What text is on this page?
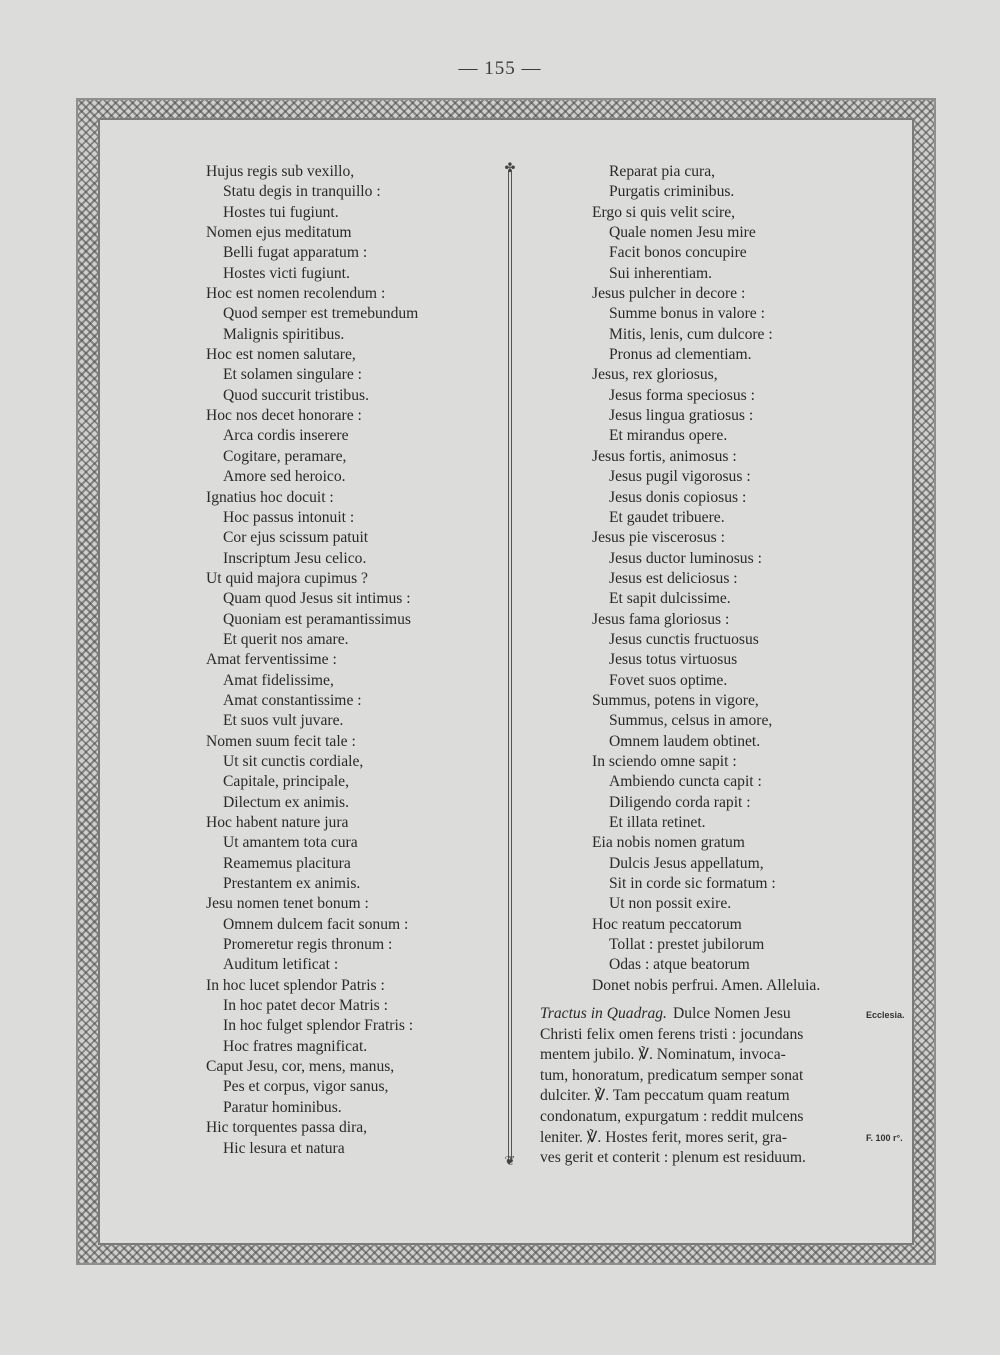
— 155 —
Hujus regis sub vexillo,
Statu degis in tranquillo :
Hostes tui fugiunt.
Nomen ejus meditatum
Belli fugat apparatum :
Hostes victi fugiunt.
Hoc est nomen recolendum :
Quod semper est tremebundum
Malignis spiritibus.
Hoc est nomen salutare,
Et solamen singulare :
Quod succurit tristibus.
Hoc nos decet honorare :
Arca cordis inserere
Cogitare, peramare,
Amore sed heroico.
Ignatius hoc docuit :
Hoc passus intonuit :
Cor ejus scissum patuit
Inscriptum Jesu celico.
Ut quid majora cupimus ?
Quam quod Jesus sit intimus :
Quoniam est peramantissimus
Et querit nos amare.
Amat ferventissime :
Amat fidelissime,
Amat constantissime :
Et suos vult juvare.
Nomen suum fecit tale :
Ut sit cunctis cordiale,
Capitale, principale,
Dilectum ex animis.
Hoc habent nature jura
Ut amantem tota cura
Reamemus placitura
Prestantem ex animis.
Jesu nomen tenet bonum :
Omnem dulcem facit sonum :
Promeretur regis thronum :
Auditum letificat :
In hoc lucet splendor Patris :
In hoc patet decor Matris :
In hoc fulget splendor Fratris :
Hoc fratres magnificat.
Caput Jesu, cor, mens, manus,
Pes et corpus, vigor sanus,
Paratur hominibus.
Hic torquentes passa dira,
Hic lesura et natura
✤
❦
Reparat pia cura,
Purgatis criminibus.
Ergo si quis velit scire,
Quale nomen Jesu mire
Facit bonos concupire
Sui inherentiam.
Jesus pulcher in decore :
Summe bonus in valore :
Mitis, lenis, cum dulcore :
Pronus ad clementiam.
Jesus, rex gloriosus,
Jesus forma speciosus :
Jesus lingua gratiosus :
Et mirandus opere.
Jesus fortis, animosus :
Jesus pugil vigorosus :
Jesus donis copiosus :
Et gaudet tribuere.
Jesus pie viscerosus :
Jesus ductor luminosus :
Jesus est deliciosus :
Et sapit dulcissime.
Jesus fama gloriosus :
Jesus cunctis fructuosus
Jesus totus virtuosus
Fovet suos optime.
Summus, potens in vigore,
Summus, celsus in amore,
Omnem laudem obtinet.
In sciendo omne sapit :
Ambiendo cuncta capit :
Diligendo corda rapit :
Et illata retinet.
Eia nobis nomen gratum
Dulcis Jesus appellatum,
Sit in corde sic formatum :
Ut non possit exire.
Hoc reatum peccatorum
Tollat : prestet jubilorum
Odas : atque beatorum
Donet nobis perfrui. Amen. Alleluia.
Tractus in Quadrag. Dulce Nomen Jesu
Christi felix omen ferens tristi : jocundans
mentem jubilo. ℣. Nominatum, invoca-
tum, honoratum, predicatum semper sonat
dulciter. ℣. Tam peccatum quam reatum
condonatum, expurgatum : reddit mulcens
leniter. ℣. Hostes ferit, mores serit, gra-
ves gerit et conterit : plenum est residuum.
Ecclesia.
F. 100 r°.
